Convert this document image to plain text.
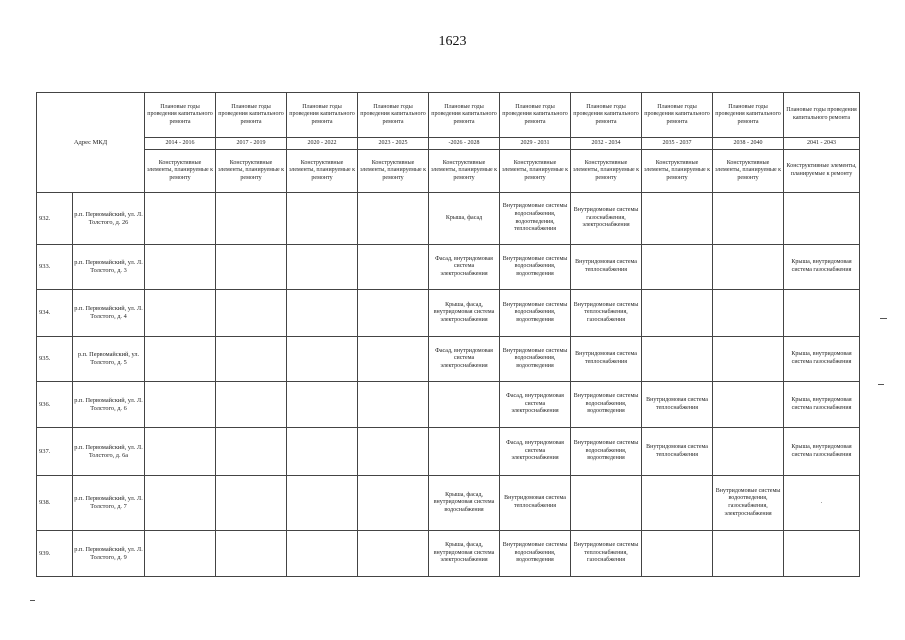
1623
Адрес МКД		Плановые годы проведения капитального ремонта	Плановые годы проведения капитального ремонта	Плановые годы проведения капитального ремонта	Плановые годы проведения капитального ремонта	Плановые годы проведения капитального ремонта	Плановые годы проведения капитального ремонта	Плановые годы проведения капитального ремонта	Плановые годы проведения капитального ремонта	Плановые годы проведения капитального ремонта	Плановые годы проведения капитального ремонта
		2014 - 2016	2017 - 2019	2020 - 2022	2023 - 2025	-2026 - 2028	2029 - 2031	2032 - 2034	2035 - 2037	2038 - 2040	2041 - 2043
		Конструктивные элементы, планируемые к ремонту	Конструктивные элементы, планируемые к ремонту	Конструктивные элементы, планируемые к ремонту	Конструктивные элементы, планируемые к ремонту	Конструктивные элементы, планируемые к ремонту	Конструктивные элементы, планируемые к ремонту	Конструктивные элементы, планируемые к ремонту	Конструктивные элементы, планируемые к ремонту	Конструктивные элементы, планируемые к ремонту	Конструктивные элементы, планируемые к ремонту
932.	р.п. Первомайский, ул. Л. Толстого, д. 26					Крыша, фасад	Внутридомовые системы водоснабжения, водоотведения, теплоснабжения	Внутридомовые системы газоснабжения, электроснабжения			
933.	р.п. Первомайский, ул. Л. Толстого, д. 3					Фасад, внутридомовая система электроснабжения	Внутридомовые системы водоснабжения, водоотведения	Внутридомовая система теплоснабжения			Крыша, внутридомовая система газоснабжения
934.	р.п. Первомайский, ул. Л. Толстого, д. 4					Крыша, фасад, внутридомовая система электроснабжения	Внутридомовые системы водоснабжения, водоотведения	Внутридомовые системы теплоснабжения, газоснабжения			
935.	р.п. Первомайский, ул. Толстого, д. 5					Фасад, внутридомовая система электроснабжения	Внутридомовые системы водоснабжения, водоотведения	Внутридомовая система теплоснабжения			Крыша, внутридомовая система газоснабжения
936.	р.п. Первомайский, ул. Л. Толстого, д. 6						Фасад, внутридомовая система электроснабжения	Внутридомовые системы водоснабжения, водоотведения	Внутридомовая система теплоснабжения		Крыша, внутридомовая система газоснабжения
937.	р.п. Первомайский, ул. Л. Толстого, д. 6а						Фасад, внутридомовая система электроснабжения	Внутридомовые системы водоснабжения, водоотведения	Внутридомовая система теплоснабжения		Крыша, внутридомовая система газоснабжения
938.	р.п. Первомайский, ул. Л. Толстого, д. 7					Крыша, фасад, внутридомовая система водоснабжения	Внутридомовая система теплоснабжения			Внутридомовые системы водоотведения, газоснабжения, электроснабжения	.
939.	р.п. Первомайский, ул. Л. Толстого, д. 9					Крыша, фасад, внутридомовая система электроснабжения	Внутридомовые системы водоснабжения, водоотведения	Внутридомовые системы теплоснабжения, газоснабжения			
